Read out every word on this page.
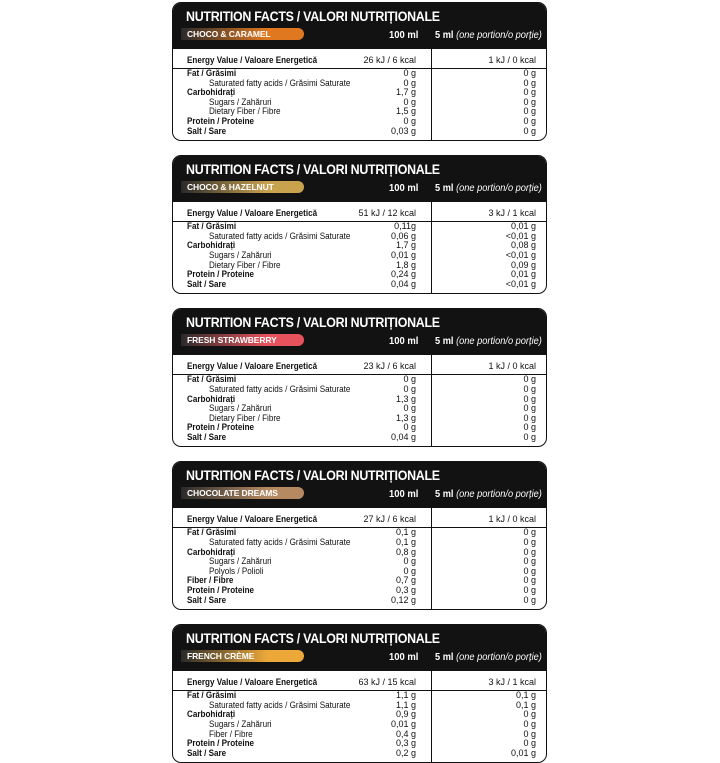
NUTRITION FACTS / VALORI NUTRIȚIONALE
CHOCO & CARAMEL	100 ml 5 ml (one portion/o porție)
Energy Value / Valoare Energetică	26 kJ / 6 kcal	1 kJ / 0 kcal
Fat / Grăsimi	0 g	0 g
Saturated fatty acids / Grăsimi Saturate	0 g	0 g
Carbohidrați	1,7 g	0 g
Sugars / Zahăruri	0 g	0 g
Dietary Fiber / Fibre	1,5 g	0 g
Protein / Proteine	0 g	0 g
Salt / Sare	0,03 g	0 g
NUTRITION FACTS / VALORI NUTRIȚIONALE
CHOCO & HAZELNUT	100 ml 5 ml (one portion/o porție)
Energy Value / Valoare Energetică	51 kJ / 12 kcal	3 kJ / 1 kcal
Fat / Grăsimi	0,11g	0,01 g
Saturated fatty acids / Grăsimi Saturate	0,06 g	<0,01 g
Carbohidrați	1,7 g	0,08 g
Sugars / Zahăruri	0,01 g	<0,01 g
Dietary Fiber / Fibre	1,8 g	0,09 g
Protein / Proteine	0,24 g	0,01 g
Salt / Sare	0,04 g	<0,01 g
NUTRITION FACTS / VALORI NUTRIȚIONALE
FRESH STRAWBERRY	100 ml 5 ml (one portion/o porție)
Energy Value / Valoare Energetică	23 kJ / 6 kcal	1 kJ / 0 kcal
Fat / Grăsimi	0 g	0 g
Saturated fatty acids / Grăsimi Saturate	0 g	0 g
Carbohidrați	1,3 g	0 g
Sugars / Zahăruri	0 g	0 g
Dietary Fiber / Fibre	1,3 g	0 g
Protein / Proteine	0 g	0 g
Salt / Sare	0,04 g	0 g
NUTRITION FACTS / VALORI NUTRIȚIONALE
CHOCOLATE DREAMS	100 ml 5 ml (one portion/o porție)
Energy Value / Valoare Energetică	27 kJ / 6 kcal	1 kJ / 0 kcal
Fat / Grăsimi	0,1 g	0 g
Saturated fatty acids / Grăsimi Saturate	0,1 g	0 g
Carbohidrați	0,8 g	0 g
Sugars / Zahăruri	0 g	0 g
Polyols / Polioli	0 g	0 g
Fiber / Fibre	0,7 g	0 g
Protein / Proteine	0,3 g	0 g
Salt / Sare	0,12 g	0 g
NUTRITION FACTS / VALORI NUTRIȚIONALE
FRENCH CRÈME	100 ml 5 ml (one portion/o porție)
Energy Value / Valoare Energetică	63 kJ / 15 kcal	3 kJ / 1 kcal
Fat / Grăsimi	1,1 g	0,1 g
Saturated fatty acids / Grăsimi Saturate	1,1 g	0,1 g
Carbohidrați	0,9 g	0 g
Sugars / Zahăruri	0,01 g	0 g
Fiber / Fibre	0,4 g	0 g
Protein / Proteine	0,3 g	0 g
Salt / Sare	0,2 g	0,01 g
